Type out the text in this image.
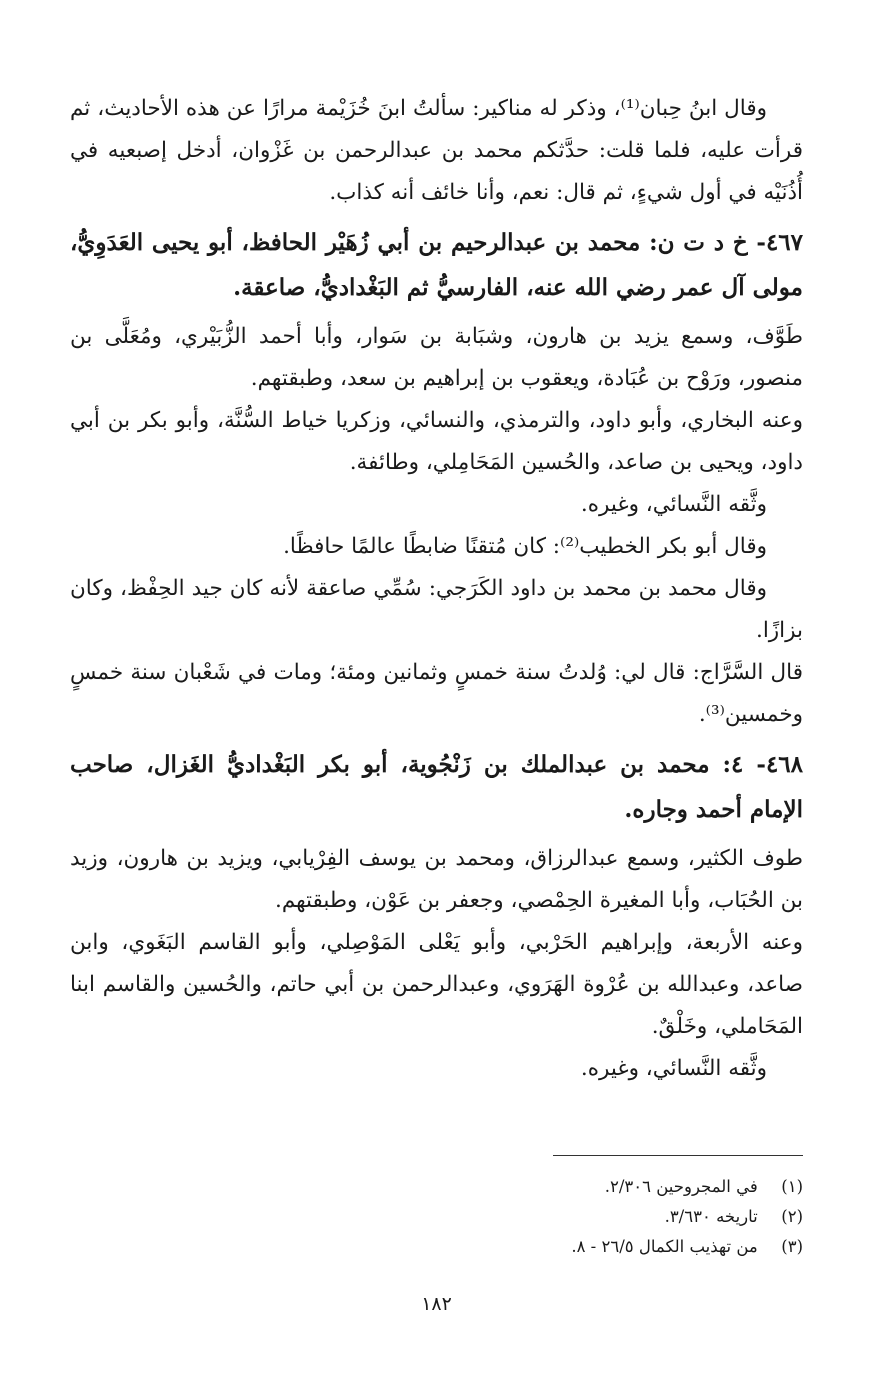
وقال ابنُ حِبان⁽¹⁾، وذكر له مناكير: سألتُ ابنَ خُزَيْمة مرارًا عن هذه الأحاديث، ثم قرأت عليه، فلما قلت: حدَّثكم محمد بن عبدالرحمن بن غَزْوان، أدخل إصبعيه في أُذُنَيْه في أول شيءٍ، ثم قال: نعم، وأنا خائف أنه كذاب.

٤٦٧- خ د ت ن: محمد بن عبدالرحيم بن أبي زُهَيْر الحافظ، أبو يحيى العَدَوِيُّ، مولى آل عمر رضي الله عنه، الفارسيُّ ثم البَغْداديُّ، صاعقة.

طَوَّف، وسمع يزيد بن هارون، وشبَابة بن سَوار، وأبا أحمد الزُّبَيْري، ومُعَلَّى بن منصور، ورَوْح بن عُبَادة، ويعقوب بن إبراهيم بن سعد، وطبقتهم.

وعنه البخاري، وأبو داود، والترمذي، والنسائي، وزكريا خياط السُّنَّة، وأبو بكر بن أبي داود، ويحيى بن صاعد، والحُسين المَحَامِلي، وطائفة.

وثَّقه النَّسائي، وغيره.

وقال أبو بكر الخطيب⁽²⁾: كان مُتقنًا ضابطًا عالمًا حافظًا.

وقال محمد بن محمد بن داود الكَرَجي: سُمِّي صاعقة لأنه كان جيد الحِفْظ، وكان بزازًا.

قال السَّرَّاج: قال لي: وُلدتُ سنة خمسٍ وثمانين ومئة؛ ومات في شَعْبان سنة خمسٍ وخمسين⁽³⁾.

٤٦٨- ٤: محمد بن عبدالملك بن زَنْجُوية، أبو بكر البَغْداديُّ الغَزال، صاحب الإمام أحمد وجاره.

طوف الكثير، وسمع عبدالرزاق، ومحمد بن يوسف الفِرْيابي، ويزيد بن هارون، وزيد بن الحُبَاب، وأبا المغيرة الحِمْصي، وجعفر بن عَوْن، وطبقتهم.

وعنه الأربعة، وإبراهيم الحَرْبي، وأبو يَعْلى المَوْصِلي، وأبو القاسم البَغَوي، وابن صاعد، وعبدالله بن عُرْوة الهَرَوي، وعبدالرحمن بن أبي حاتم، والحُسين والقاسم ابنا المَحَاملي، وخَلْقٌ.

وثَّقه النَّسائي، وغيره.

(١) في المجروحين ٢/٣٠٦.

(٢) تاريخه ٣/٦٣٠.

(٣) من تهذيب الكمال ٢٦/٥ - ٨.

١٨٢
